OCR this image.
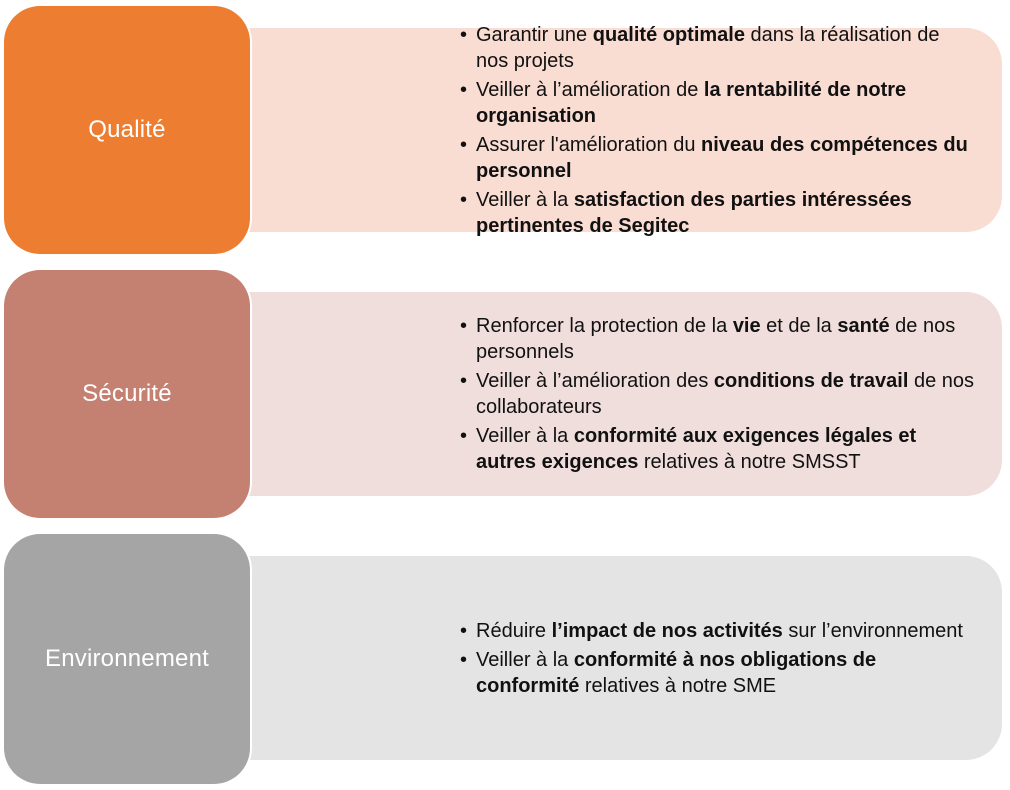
• Garantir une qualité optimale dans la réalisation de nos projets
• Veiller à l’amélioration de la rentabilité de notre organisation
• Assurer l'amélioration du niveau des compétences du personnel
• Veiller à la satisfaction des parties intéressées pertinentes de Segitec
Qualité
• Renforcer la protection de la vie et de la santé de nos personnels
• Veiller à l’amélioration des conditions de travail de nos collaborateurs
• Veiller à la conformité aux exigences légales et autres exigences relatives à notre SMSST
Sécurité
• Réduire l’impact de nos activités sur l’environnement
• Veiller à la conformité à nos obligations de conformité relatives à notre SME
Environnement
